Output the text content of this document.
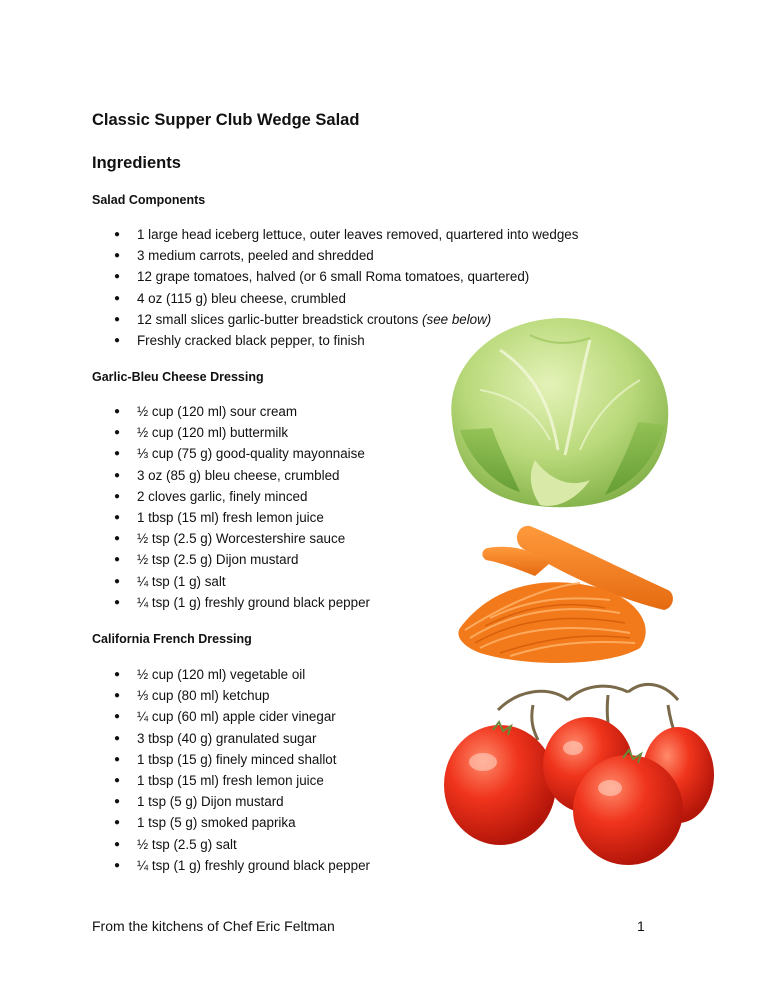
Classic Supper Club Wedge Salad
Ingredients
Salad Components
● 1 large head iceberg lettuce, outer leaves removed, quartered into wedges
● 3 medium carrots, peeled and shredded
● 12 grape tomatoes, halved (or 6 small Roma tomatoes, quartered)
● 4 oz (115 g) bleu cheese, crumbled
● 12 small slices garlic-butter breadstick croutons (see below)
● Freshly cracked black pepper, to finish
Garlic-Bleu Cheese Dressing
● ½ cup (120 ml) sour cream
● ½ cup (120 ml) buttermilk
● ⅓ cup (75 g) good-quality mayonnaise
● 3 oz (85 g) bleu cheese, crumbled
● 2 cloves garlic, finely minced
● 1 tbsp (15 ml) fresh lemon juice
● ½ tsp (2.5 g) Worcestershire sauce
● ½ tsp (2.5 g) Dijon mustard
● ¼ tsp (1 g) salt
● ¼ tsp (1 g) freshly ground black pepper
California French Dressing
● ½ cup (120 ml) vegetable oil
● ⅓ cup (80 ml) ketchup
● ¼ cup (60 ml) apple cider vinegar
● 3 tbsp (40 g) granulated sugar
● 1 tbsp (15 g) finely minced shallot
● 1 tbsp (15 ml) fresh lemon juice
● 1 tsp (5 g) Dijon mustard
● 1 tsp (5 g) smoked paprika
● ½ tsp (2.5 g) salt
● ¼ tsp (1 g) freshly ground black pepper
From the kitchens of Chef Eric Feltman	1
